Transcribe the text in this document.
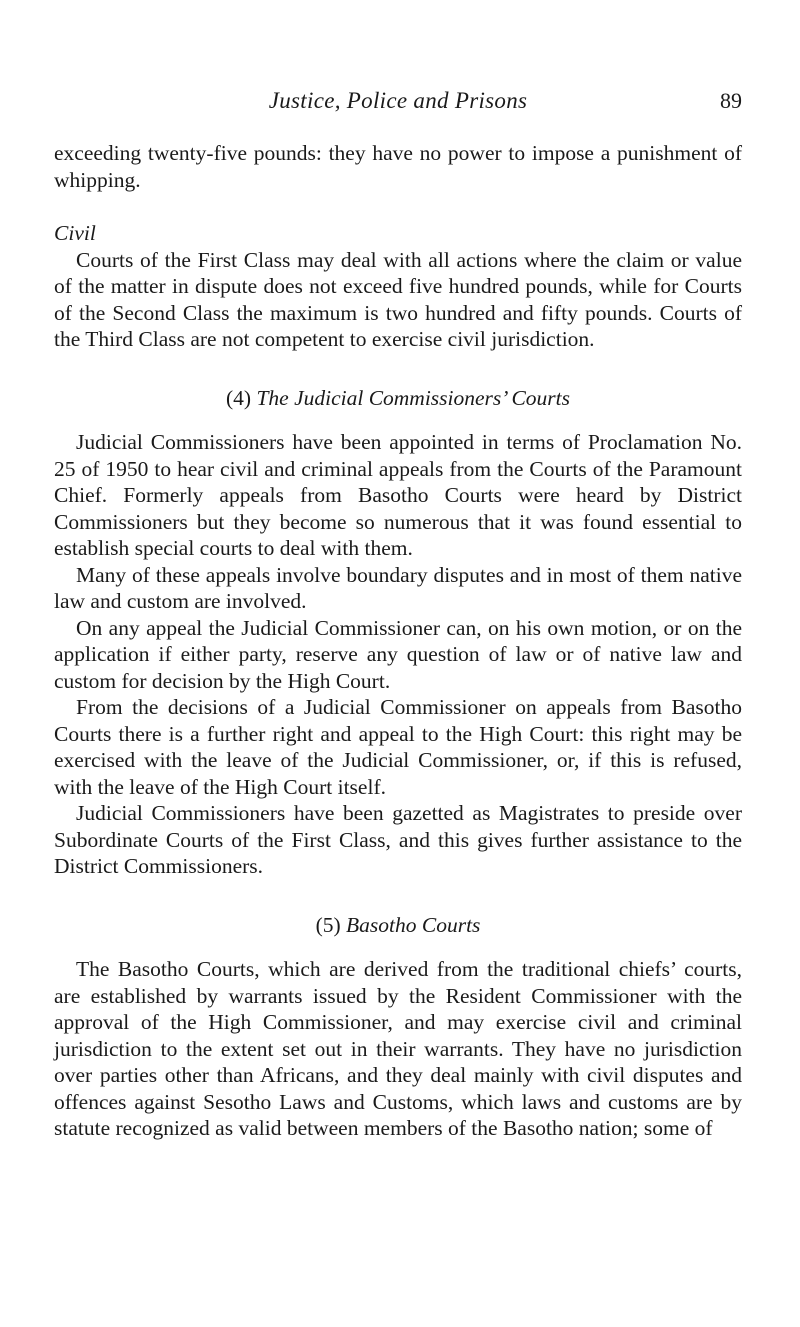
Justice, Police and Prisons	89

exceeding twenty-five pounds: they have no power to impose a punishment of whipping.

Civil

Courts of the First Class may deal with all actions where the claim or value of the matter in dispute does not exceed five hundred pounds, while for Courts of the Second Class the maximum is two hundred and fifty pounds. Courts of the Third Class are not competent to exercise civil jurisdiction.

(4) The Judicial Commissioners’ Courts

Judicial Commissioners have been appointed in terms of Proclamation No. 25 of 1950 to hear civil and criminal appeals from the Courts of the Paramount Chief. Formerly appeals from Basotho Courts were heard by District Commissioners but they become so numerous that it was found essential to establish special courts to deal with them.

Many of these appeals involve boundary disputes and in most of them native law and custom are involved.

On any appeal the Judicial Commissioner can, on his own motion, or on the application if either party, reserve any question of law or of native law and custom for decision by the High Court.

From the decisions of a Judicial Commissioner on appeals from Basotho Courts there is a further right and appeal to the High Court: this right may be exercised with the leave of the Judicial Commissioner, or, if this is refused, with the leave of the High Court itself.

Judicial Commissioners have been gazetted as Magistrates to preside over Subordinate Courts of the First Class, and this gives further assistance to the District Commissioners.

(5) Basotho Courts

The Basotho Courts, which are derived from the traditional chiefs’ courts, are established by warrants issued by the Resident Commissioner with the approval of the High Commissioner, and may exercise civil and criminal jurisdiction to the extent set out in their warrants. They have no jurisdiction over parties other than Africans, and they deal mainly with civil disputes and offences against Sesotho Laws and Customs, which laws and customs are by statute recognized as valid between members of the Basotho nation; some of
